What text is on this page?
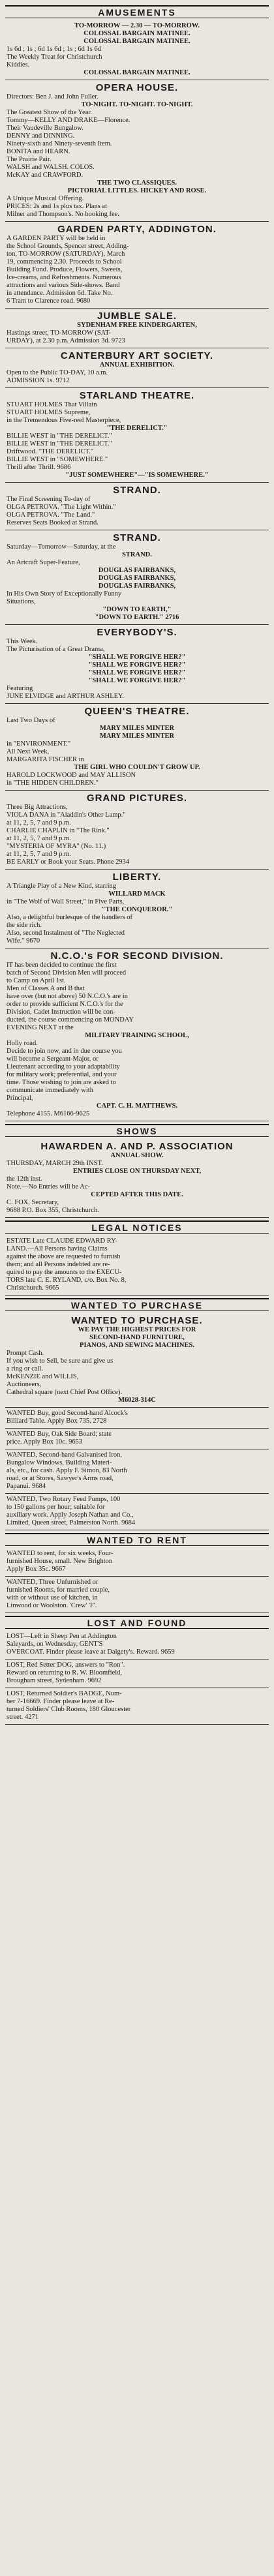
AMUSEMENTS
TO-MORROW — 2.30 — TO-MORROW.
COLOSSAL BARGAIN MATINEE.
COLOSSAL BARGAIN MATINEE.
1s 6d ; 1s ; 6d 1s 6d ; 1s ; 6d 1s 6d
The Weekly Treat for Christchurch
Kiddies.
COLOSSAL BARGAIN MATINEE.
OPERA HOUSE.
Directors: Ben J. and John Fuller.
TO-NIGHT. TO-NIGHT. TO-NIGHT.
The Greatest Show of the Year.
Tommy—KELLY AND DRAKE—Florence.
Their Vaudeville Bungalow.
DENNY and DINNING.
Ninety-sixth and Ninety-seventh Item.
BONITA and HEARN.
The Prairie Pair.
WALSH and WALSH. COLOS.
McKAY and CRAWFORD.
THE TWO CLASSIQUES.
PICTORIAL LITTLES. HICKEY AND ROSE.
A Unique Musical Offering.
PRICES: 2s and 1s plus tax. Plans at
Milner and Thompson's. No booking fee.
GARDEN PARTY, ADDINGTON.
A GARDEN PARTY will be held in
the School Grounds, Spencer street, Adding-
ton, TO-MORROW (SATURDAY), March
19, commencing 2.30. Proceeds to School
Building Fund. Produce, Flowers, Sweets,
Ice-creams, and Refreshments. Numerous
attractions and various Side-shows. Band
in attendance. Admission 6d. Take No.
6 Tram to Clarence road. 9680
JUMBLE SALE.
SYDENHAM FREE KINDERGARTEN,
Hastings street, TO-MORROW (SAT-
URDAY), at 2.30 p.m. Admission 3d. 9723
CANTERBURY ART SOCIETY.
ANNUAL EXHIBITION.
Open to the Public TO-DAY, 10 a.m.
ADMISSION 1s. 9712
STARLAND THEATRE.
STUART HOLMES That Villain
STUART HOLMES Supreme,
in the Tremendous Five-reel Masterpiece,
"THE DERELICT."
BILLIE WEST in "THE DERELICT."
BILLIE WEST in "THE DERELICT."
Driftwood. "THE DERELICT."
BILLIE WEST in "SOMEWHERE."
Thrill after Thrill. 9686
"JUST SOMEWHERE"—"IS SOMEWHERE."
STRAND.
The Final Screening To-day of
OLGA PETROVA. "The Light Within."
OLGA PETROVA. "The Land."
Reserves Seats Booked at Strand.
STRAND.
Saturday—Tomorrow—Saturday, at the
STRAND.
An Artcraft Super-Feature,
DOUGLAS FAIRBANKS,
DOUGLAS FAIRBANKS,
DOUGLAS FAIRBANKS,
In His Own Story of Exceptionally Funny
Situations,
"DOWN TO EARTH,"
"DOWN TO EARTH." 2716
EVERYBODY'S.
This Week.
The Picturisation of a Great Drama,
"SHALL WE FORGIVE HER?"
"SHALL WE FORGIVE HER?"
"SHALL WE FORGIVE HER?"
"SHALL WE FORGIVE HER?"
Featuring
JUNE ELVIDGE and ARTHUR ASHLEY.
QUEEN'S THEATRE.
Last Two Days of
MARY MILES MINTER
MARY MILES MINTER
in "ENVIRONMENT."
All Next Week,
MARGARITA FISCHER in
THE GIRL WHO COULDN'T GROW UP.
HAROLD LOCKWOOD and MAY ALLISON
in "THE HIDDEN CHILDREN."
GRAND PICTURES.
Three Big Attractions,
VIOLA DANA in "Aladdin's Other Lamp."
at 11, 2, 5, 7 and 9 p.m.
CHARLIE CHAPLIN in "The Rink."
at 11, 2, 5, 7 and 9 p.m.
"MYSTERIA OF MYRA" (No. 11.)
at 11, 2, 5, 7 and 9 p.m.
BE EARLY or Book your Seats. Phone 2934
LIBERTY.
A Triangle Play of a New Kind, starring
WILLARD MACK
in "The Wolf of Wall Street," in Five Parts,
"THE CONQUEROR."
Also, a delightful burlesque of the handlers of
the side rich.
Also, second Instalment of "The Neglected
Wife." 9670
N.C.O.'s FOR SECOND DIVISION.
IT has been decided to continue the first
batch of Second Division Men will proceed
to Camp on April 1st.
Men of Classes A and B that
have over (but not above) 50 N.C.O.'s are in
order to provide sufficient N.C.O.'s for the
Division, Cadet Instruction will be con-
ducted, the course commencing on MONDAY
EVENING NEXT at the
MILITARY TRAINING SCHOOL,
Holly road.
Decide to join now, and in due course you
will become a Sergeant-Major, or
Lieutenant according to your adaptability
for military work; preferential, and your
time. Those wishing to join are asked to
communicate immediately with
Principal,
CAPT. C. H. MATTHEWS.
Telephone 4155. M6166-9625
SHOWS
HAWARDEN A. AND P. ASSOCIATION
ANNUAL SHOW.
THURSDAY, MARCH 29th INST.
ENTRIES CLOSE ON THURSDAY NEXT,
the 12th inst.
Note.—No Entries will be Ac-
CEPTED AFTER THIS DATE.
C. FOX, Secretary,
9688 P.O. Box 355, Christchurch.
LEGAL NOTICES
ESTATE Late CLAUDE EDWARD RY-
LAND.—All Persons having Claims
against the above are requested to furnish
them; and all Persons indebted are re-
quired to pay the amounts to the EXECU-
TORS late C. E. RYLAND, c/o. Box No. 8,
Christchurch. 9665
WANTED TO PURCHASE
WANTED TO PURCHASE.
WE PAY THE HIGHEST PRICES FOR
SECOND-HAND FURNITURE,
PIANOS, AND SEWING MACHINES.
Prompt Cash.
If you wish to Sell, be sure and give us
a ring or call.
McKENZIE and WILLIS,
Auctioneers,
Cathedral square (next Chief Post Office).
M6028-314C
WANTED Buy, good Second-hand Alcock's
Billiard Table. Apply Box 735. 2728
WANTED Buy, Oak Side Board; state
price. Apply Box 10c. 9653
WANTED, Second-hand Galvanised Iron,
Bungalow Windows, Building Materi-
als, etc., for cash. Apply F. Simon, 83 North
road, or at Stores, Sawyer's Arms road,
Papanui. 9684
WANTED, Two Rotary Feed Pumps, 100
to 150 gallons per hour; suitable for
auxiliary work. Apply Joseph Nathan and Co.,
Limited, Queen street, Palmerston North. 9684
WANTED TO RENT
WANTED to rent, for six weeks, Four-
furnished House, small. New Brighton
Apply Box 35c. 9667
WANTED, Three Unfurnished or
furnished Rooms, for married couple,
with or without use of kitchen, in
Linwood or Woolston. 'Crew' 'F'.
LOST AND FOUND
LOST—Left in Sheep Pen at Addington
Saleyards, on Wednesday, GENT'S
OVERCOAT. Finder please leave at Dalgety's. Reward. 9659
LOST, Red Setter DOG, answers to "Ron".
Reward on returning to R. W. Bloomfield,
Brougham street, Sydenham. 9692
LOST, Returned Soldier's BADGE, Num-
ber 7-16669. Finder please leave at Re-
turned Soldiers' Club Rooms, 180 Gloucester
street. 4271
